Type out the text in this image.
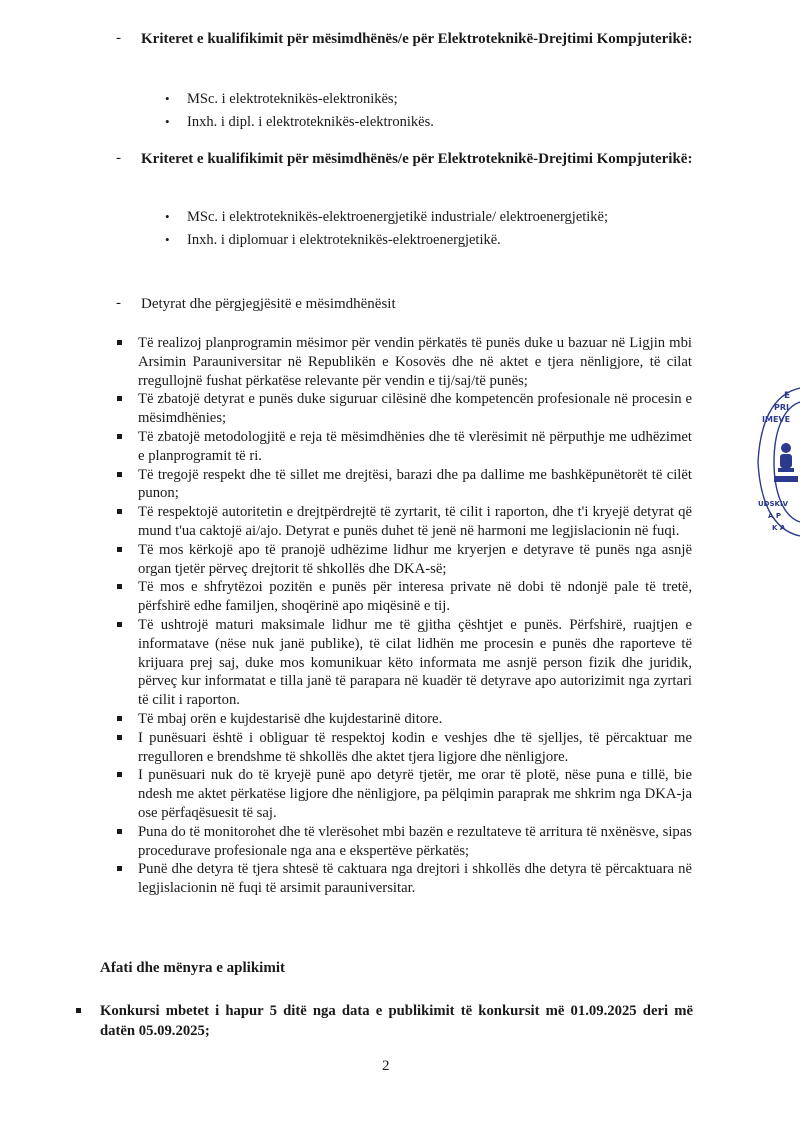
- Kriteret e kualifikimit për mësimdhënës/e për Elektroteknikë-Drejtimi Kompjuterikë:
• MSc. i elektroteknikës-elektronikës;
• Inxh. i dipl. i elektroteknikës-elektronikës.
- Kriteret e kualifikimit për mësimdhënës/e për Elektroteknikë-Drejtimi Kompjuterikë:
• MSc. i elektroteknikës-elektroenergjetikë industriale/ elektroenergjetikë;
• Inxh. i diplomuar i elektroteknikës-elektroenergjetikë.
- Detyrat dhe përgjegjësitë e mësimdhënësit
Të realizoj planprogramin mësimor për vendin përkatës të punës duke u bazuar në Ligjin mbi Arsimin Parauniversitar në Republikën e Kosovës dhe në aktet e tjera nënligjore, të cilat rregullojnë fushat përkatëse relevante për vendin e tij/saj/të punës;
Të zbatojë detyrat e punës duke siguruar cilësinë dhe kompetencën profesionale në procesin e mësimdhënies;
Të zbatojë metodologjitë e reja të mësimdhënies dhe të vlerësimit në përputhje me udhëzimet e planprogramit të ri.
Të tregojë respekt dhe të sillet me drejtësi, barazi dhe pa dallime me bashkëpunëtorët të cilët punon;
Të respektojë autoritetin e drejtpërdrejtë të zyrtarit, të cilit i raporton, dhe t'i kryejë detyrat që mund t'ua caktojë ai/ajo. Detyrat e punës duhet të jenë në harmoni me legjislacionin në fuqi.
Të mos kërkojë apo të pranojë udhëzime lidhur me kryerjen e detyrave të punës nga asnjë organ tjetër përveç drejtorit të shkollës dhe DKA-së;
Të mos e shfrytëzoi pozitën e punës për interesa private në dobi të ndonjë pale të tretë, përfshirë edhe familjen, shoqërinë apo miqësinë e tij.
Të ushtrojë maturi maksimale lidhur me të gjitha çështjet e punës. Përfshirë, ruajtjen e informatave (nëse nuk janë publike), të cilat lidhën me procesin e punës dhe raporteve të krijuara prej saj, duke mos komunikuar këto informata me asnjë person fizik dhe juridik, përveç kur informatat e tilla janë të parapara në kuadër të detyrave apo autorizimit nga zyrtari të cilit i raporton.
Të mbaj orën e kujdestarisë dhe kujdestarinë ditore.
I punësuari është i obliguar të respektoj kodin e veshjes dhe të sjelljes, të përcaktuar me rregulloren e brendshme të shkollës dhe aktet tjera ligjore dhe nënligjore.
I punësuari nuk do të kryejë punë apo detyrë tjetër, me orar të plotë, nëse puna e tillë, bie ndesh me aktet përkatëse ligjore dhe nënligjore, pa pëlqimin paraprak me shkrim nga DKA-ja ose përfaqësuesit të saj.
Puna do të monitorohet dhe të vlerësohet mbi bazën e rezultateve të arritura të nxënësve, sipas procedurave profesionale nga ana e ekspertëve përkatës;
Punë dhe detyra të tjera shtesë të caktuara nga drejtori i shkollës dhe detyra të përcaktuara në legjislacionin në fuqi të arsimit parauniversitar.
Afati dhe mënyra e aplikimit
Konkursi mbetet i hapur 5 ditë nga data e publikimit të konkursit më 01.09.2025 deri më datën 05.09.2025;
2
E
PRI
IMEVE
UDSKIV
A P
K A
